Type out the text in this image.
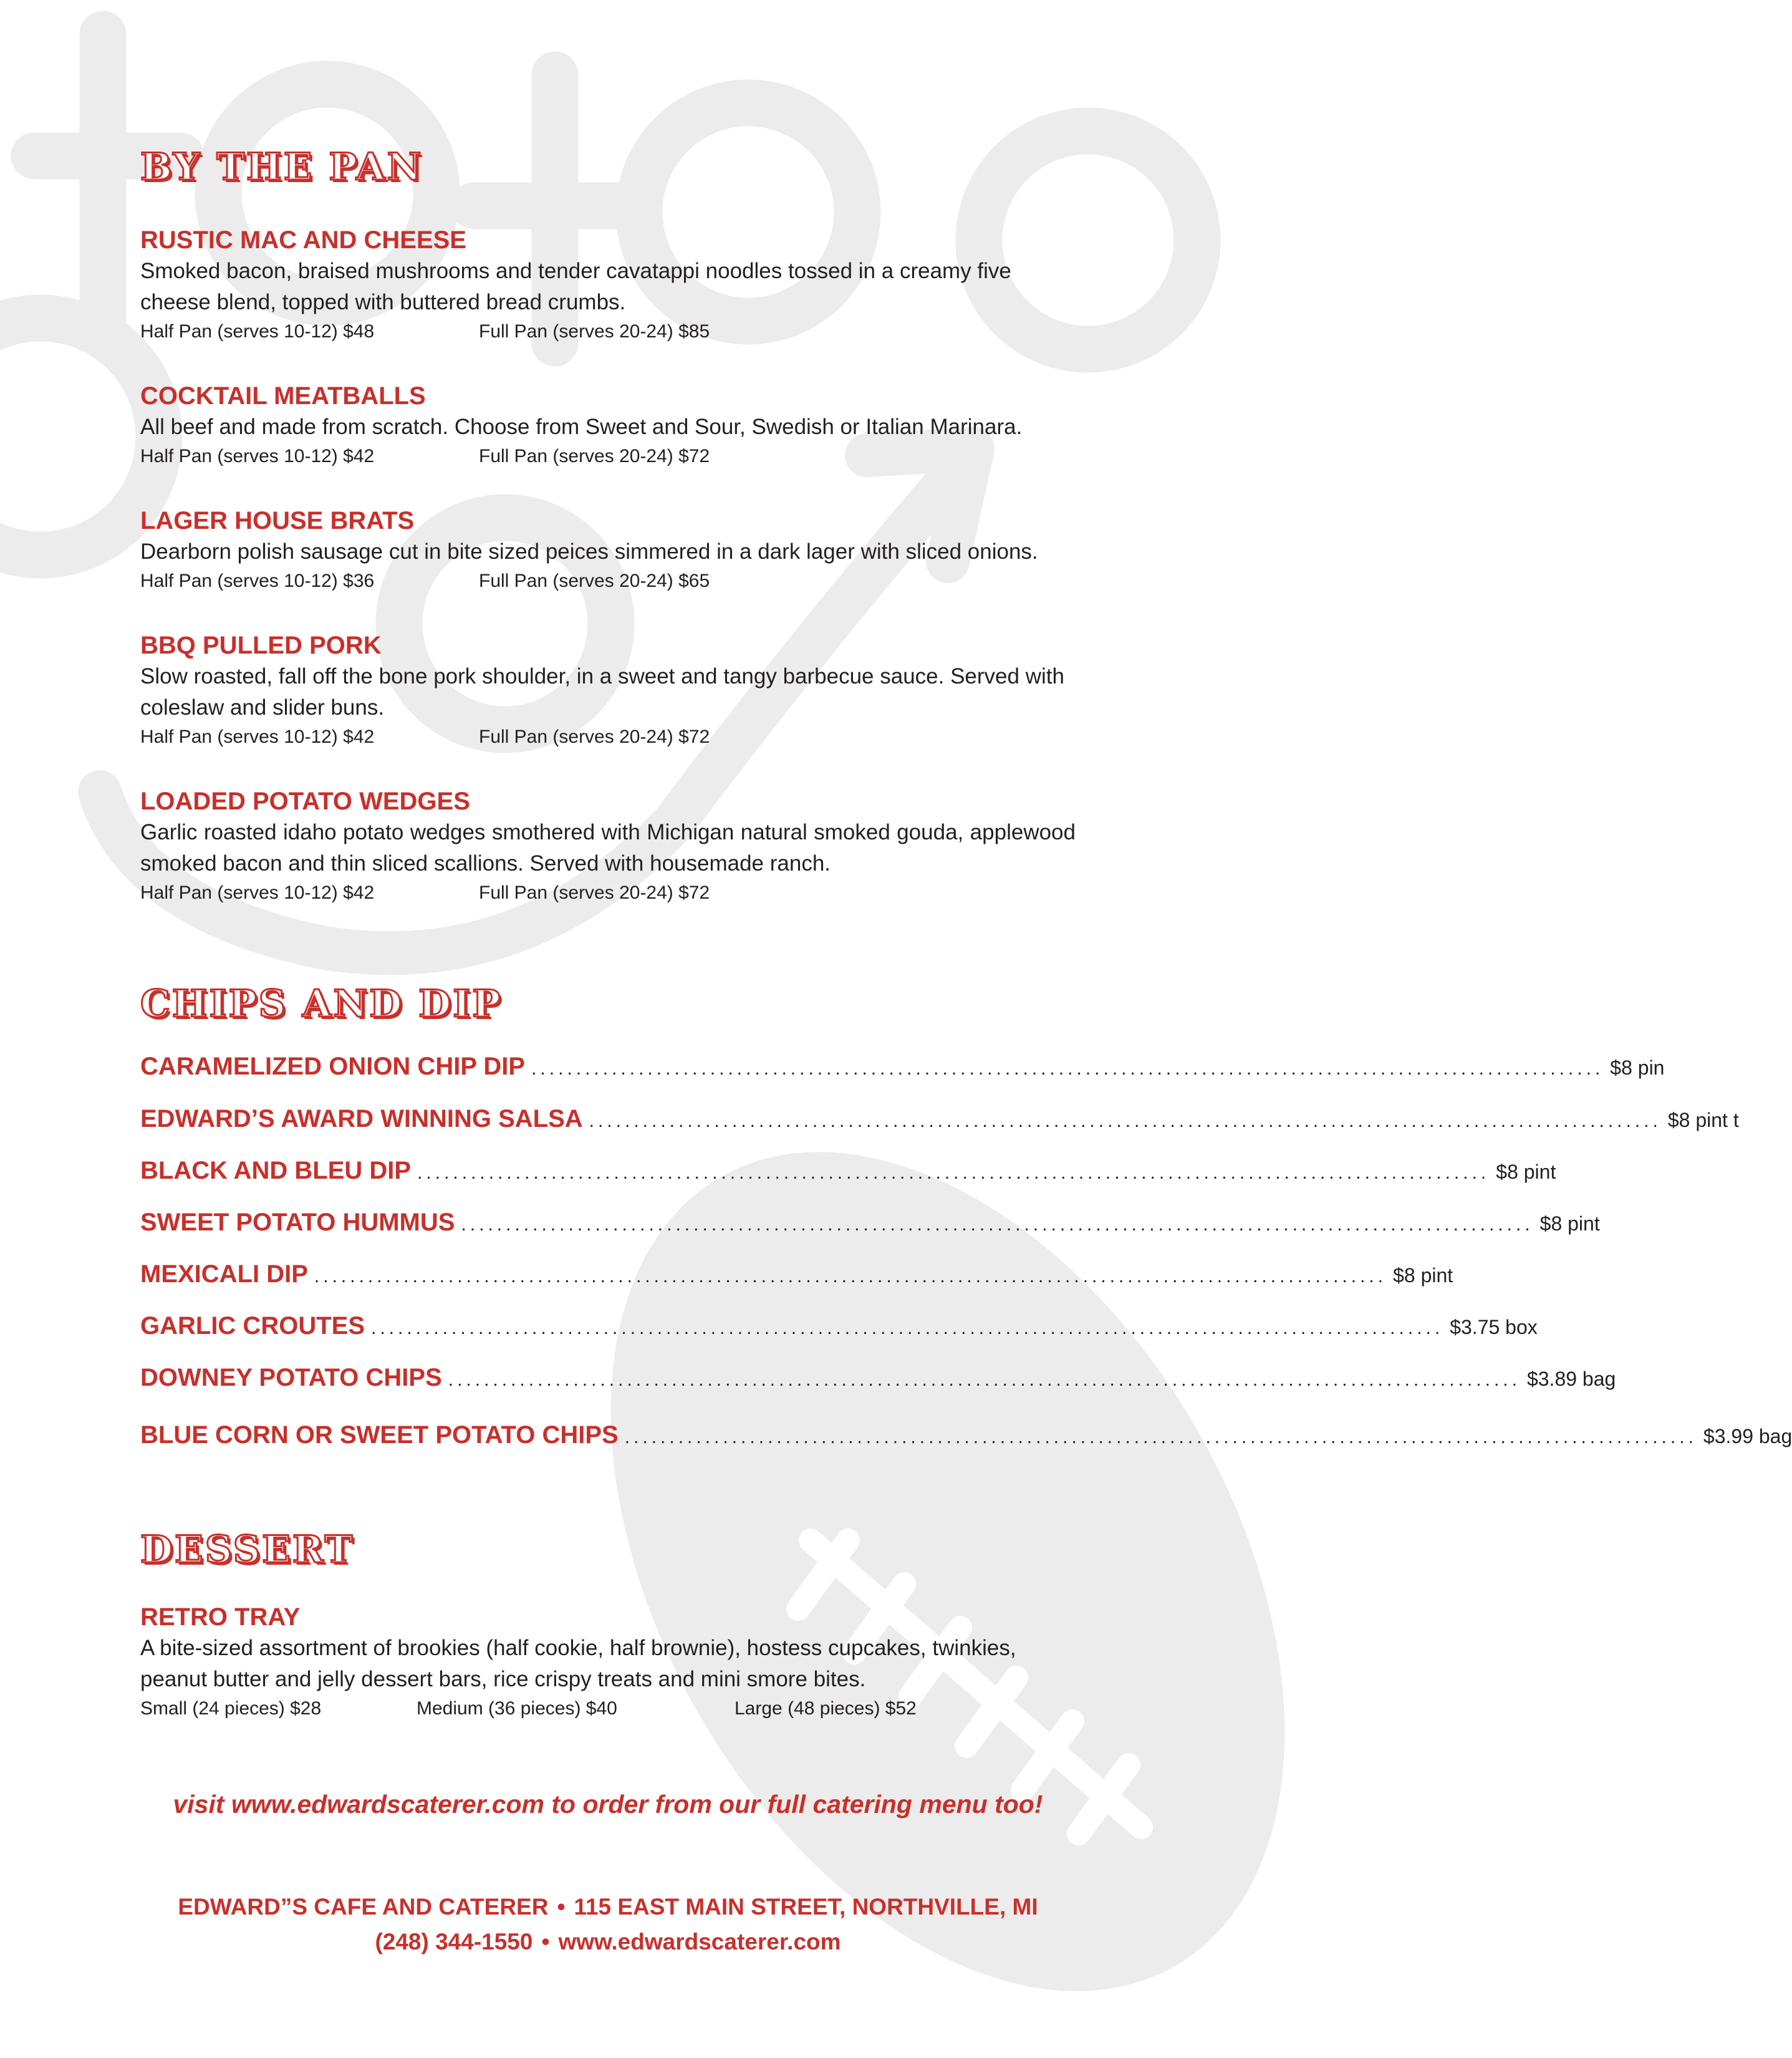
BY THE PAN
RUSTIC MAC AND CHEESE
Smoked bacon, braised mushrooms and tender cavatappi noodles tossed in a creamy five cheese blend, topped with buttered bread crumbs.
Half Pan (serves 10-12) $48	Full Pan (serves 20-24) $85
COCKTAIL MEATBALLS
All beef and made from scratch. Choose from Sweet and Sour, Swedish or Italian Marinara.
Half Pan (serves 10-12) $42	Full Pan (serves 20-24) $72
LAGER HOUSE BRATS
Dearborn polish sausage cut in bite sized peices simmered in a dark lager with sliced onions.
Half Pan (serves 10-12) $36	Full Pan (serves 20-24) $65
BBQ PULLED PORK
Slow roasted, fall off the bone pork shoulder, in a sweet and tangy barbecue sauce. Served with coleslaw and slider buns.
Half Pan (serves 10-12) $42	Full Pan (serves 20-24) $72
LOADED POTATO WEDGES
Garlic roasted idaho potato wedges smothered with Michigan natural smoked gouda, applewood smoked bacon and thin sliced scallions. Served with housemade ranch.
Half Pan (serves 10-12) $42	Full Pan (serves 20-24) $72
CHIPS AND DIP
CARAMELIZED ONION CHIP DIP ........................................................................................................................ $8 pin
EDWARD’S AWARD WINNING SALSA ........................................................................................................................ $8 pint t
BLACK AND BLEU DIP ........................................................................................................................ $8 pint
SWEET POTATO HUMMUS ........................................................................................................................ $8 pint
MEXICALI DIP ........................................................................................................................ $8 pint
GARLIC CROUTES ........................................................................................................................ $3.75 box
DOWNEY POTATO CHIPS ........................................................................................................................ $3.89 bag
BLUE CORN OR SWEET POTATO CHIPS ........................................................................................................................ $3.99 bag
DESSERT
RETRO TRAY
A bite-sized assortment of brookies (half cookie, half brownie), hostess cupcakes, twinkies, peanut butter and jelly dessert bars, rice crispy treats and mini smore bites.
Small (24 pieces) $28	Medium (36 pieces) $40	Large (48 pieces) $52
visit www.edwardscaterer.com to order from our full catering menu too!
EDWARD”S CAFE AND CATERER • 115 EAST MAIN STREET, NORTHVILLE, MI
(248) 344-1550 • www.edwardscaterer.com
